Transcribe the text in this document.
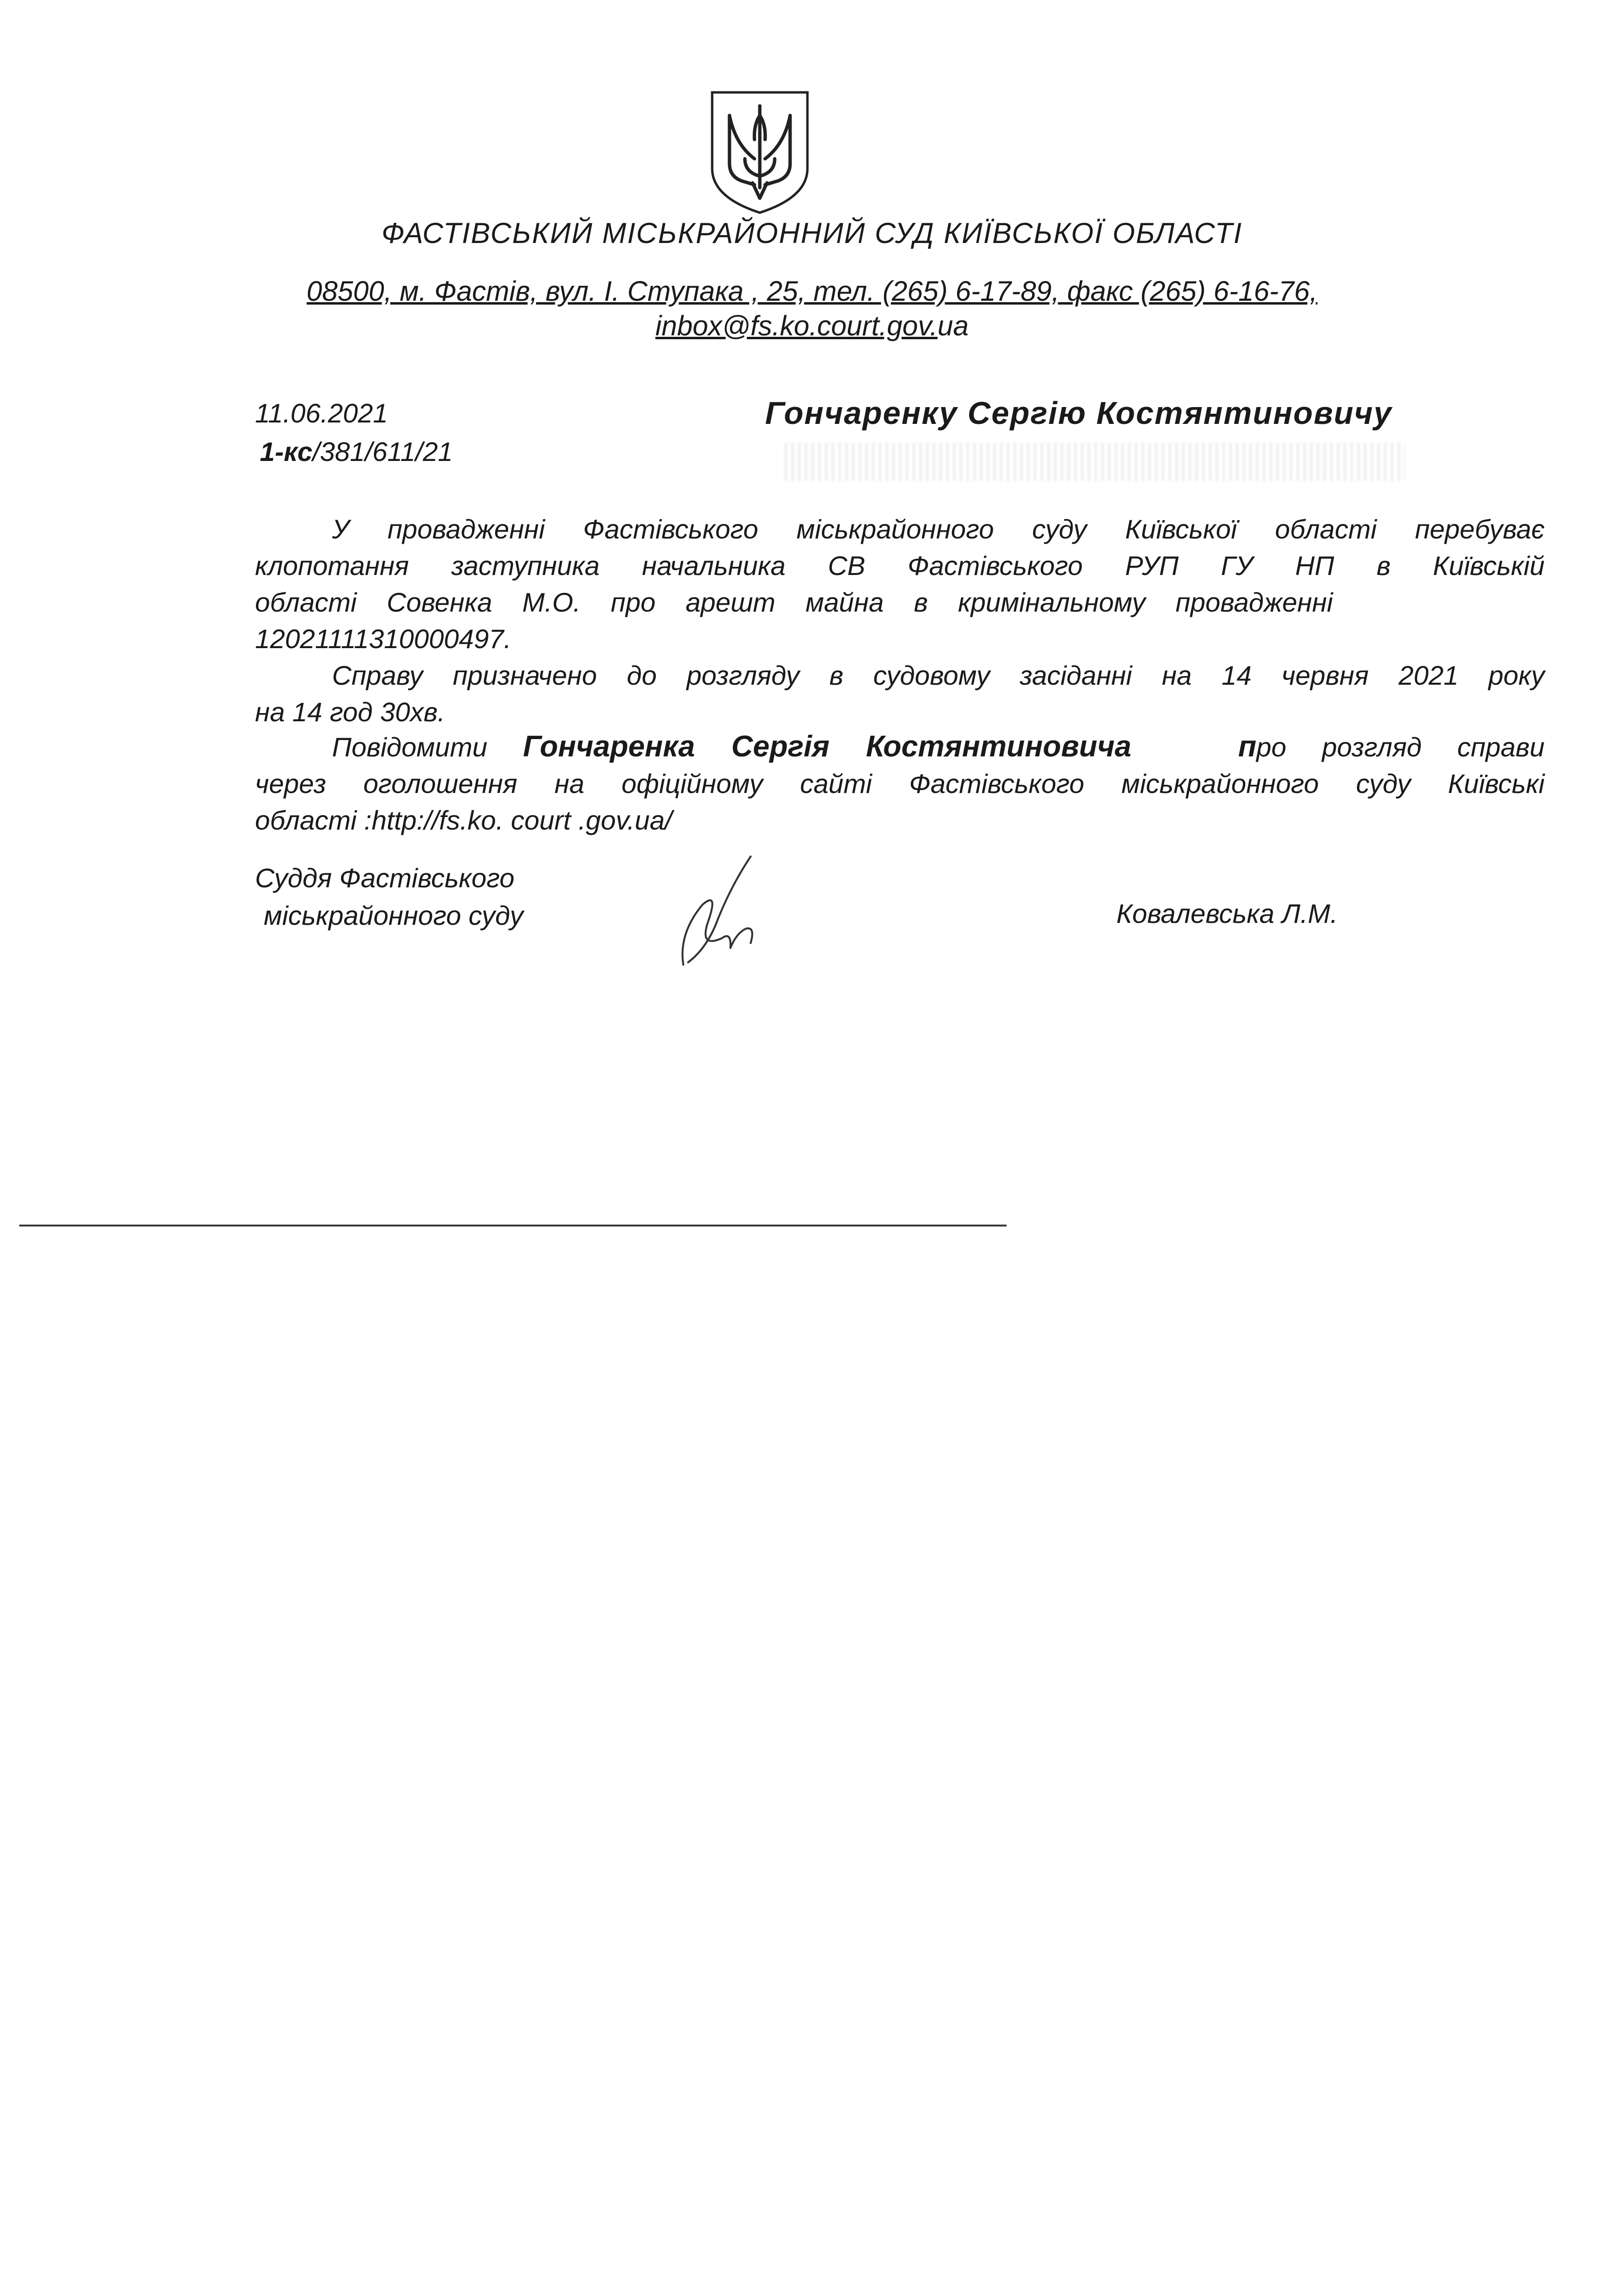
ФАСТІВСЬКИЙ МІСЬКРАЙОННИЙ СУД КИЇВСЬКОЇ ОБЛАСТІ
08500, м. Фастів, вул. І. Ступака , 25, тел. (265) 6-17-89, факс (265) 6-16-76,
inbox@fs.ko.court.gov.ua
11.06.2021
1-кс/381/611/21
Гончаренку Сергію Костянтиновичу
У провадженні Фастівського міськрайонного суду Київської області перебуває
клопотання заступника начальника СВ Фастівського РУП ГУ НП в Київській
області Совенка М.О. про арешт майна в кримінальному провадженні
12021111310000497.
Справу призначено до розгляду в судовому засіданні на 14 червня 2021 року
на 14 год 30хв.
Повідомити Гончаренка Сергія Костянтиновича	про розгляд справи
через оголошення на офіційному сайті Фастівського міськрайонного суду Київські
області :http://fs.ko. court .gov.ua/
Суддя Фастівського
міськрайонного суду	Ковалевська Л.М.
